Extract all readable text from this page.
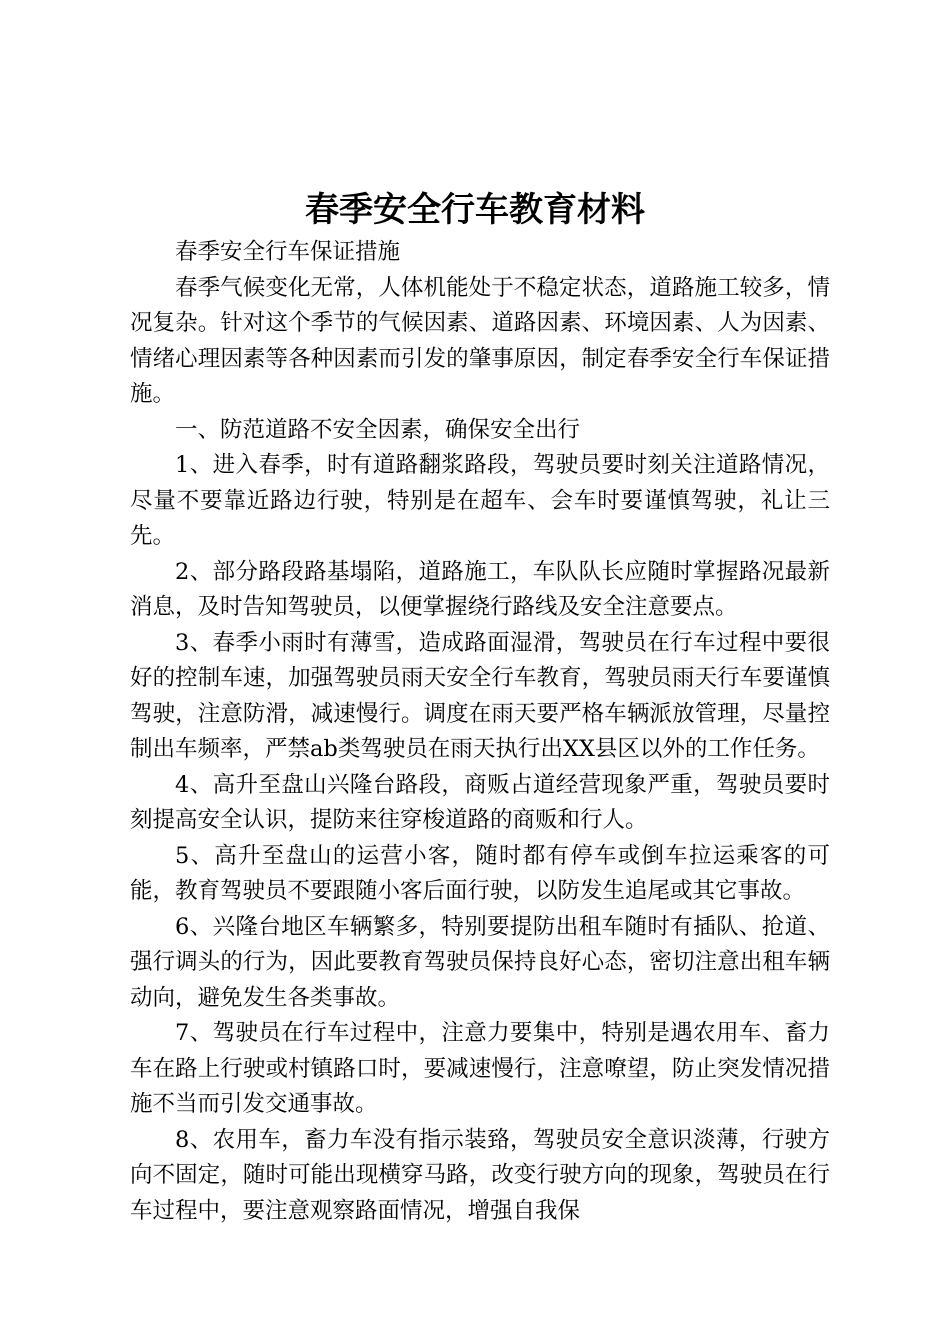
春季安全行车教育材料

春季安全行车保证措施

春季气候变化无常，人体机能处于不稳定状态，道路施工较多，情况复杂。针对这个季节的气候因素、道路因素、环境因素、人为因素、情绪心理因素等各种因素而引发的肇事原因，制定春季安全行车保证措施。

一、防范道路不安全因素，确保安全出行

1、进入春季，时有道路翻浆路段，驾驶员要时刻关注道路情况，尽量不要靠近路边行驶，特别是在超车、会车时要谨慎驾驶，礼让三先。

2、部分路段路基塌陷，道路施工，车队队长应随时掌握路况最新消息，及时告知驾驶员，以便掌握绕行路线及安全注意要点。

3、春季小雨时有薄雪，造成路面湿滑，驾驶员在行车过程中要很好的控制车速，加强驾驶员雨天安全行车教育，驾驶员雨天行车要谨慎驾驶，注意防滑，减速慢行。调度在雨天要严格车辆派放管理，尽量控制出车频率，严禁ab类驾驶员在雨天执行出XX县区以外的工作任务。

4、高升至盘山兴隆台路段，商贩占道经营现象严重，驾驶员要时刻提高安全认识，提防来往穿梭道路的商贩和行人。

5、高升至盘山的运营小客，随时都有停车或倒车拉运乘客的可能，教育驾驶员不要跟随小客后面行驶，以防发生追尾或其它事故。

6、兴隆台地区车辆繁多，特别要提防出租车随时有插队、抢道、强行调头的行为，因此要教育驾驶员保持良好心态，密切注意出租车辆动向，避免发生各类事故。

7、驾驶员在行车过程中，注意力要集中，特别是遇农用车、畜力车在路上行驶或村镇路口时，要减速慢行，注意嘹望，防止突发情况措施不当而引发交通事故。

8、农用车，畜力车没有指示装臵，驾驶员安全意识淡薄，行驶方向不固定，随时可能出现横穿马路，改变行驶方向的现象，驾驶员在行车过程中，要注意观察路面情况，增强自我保
